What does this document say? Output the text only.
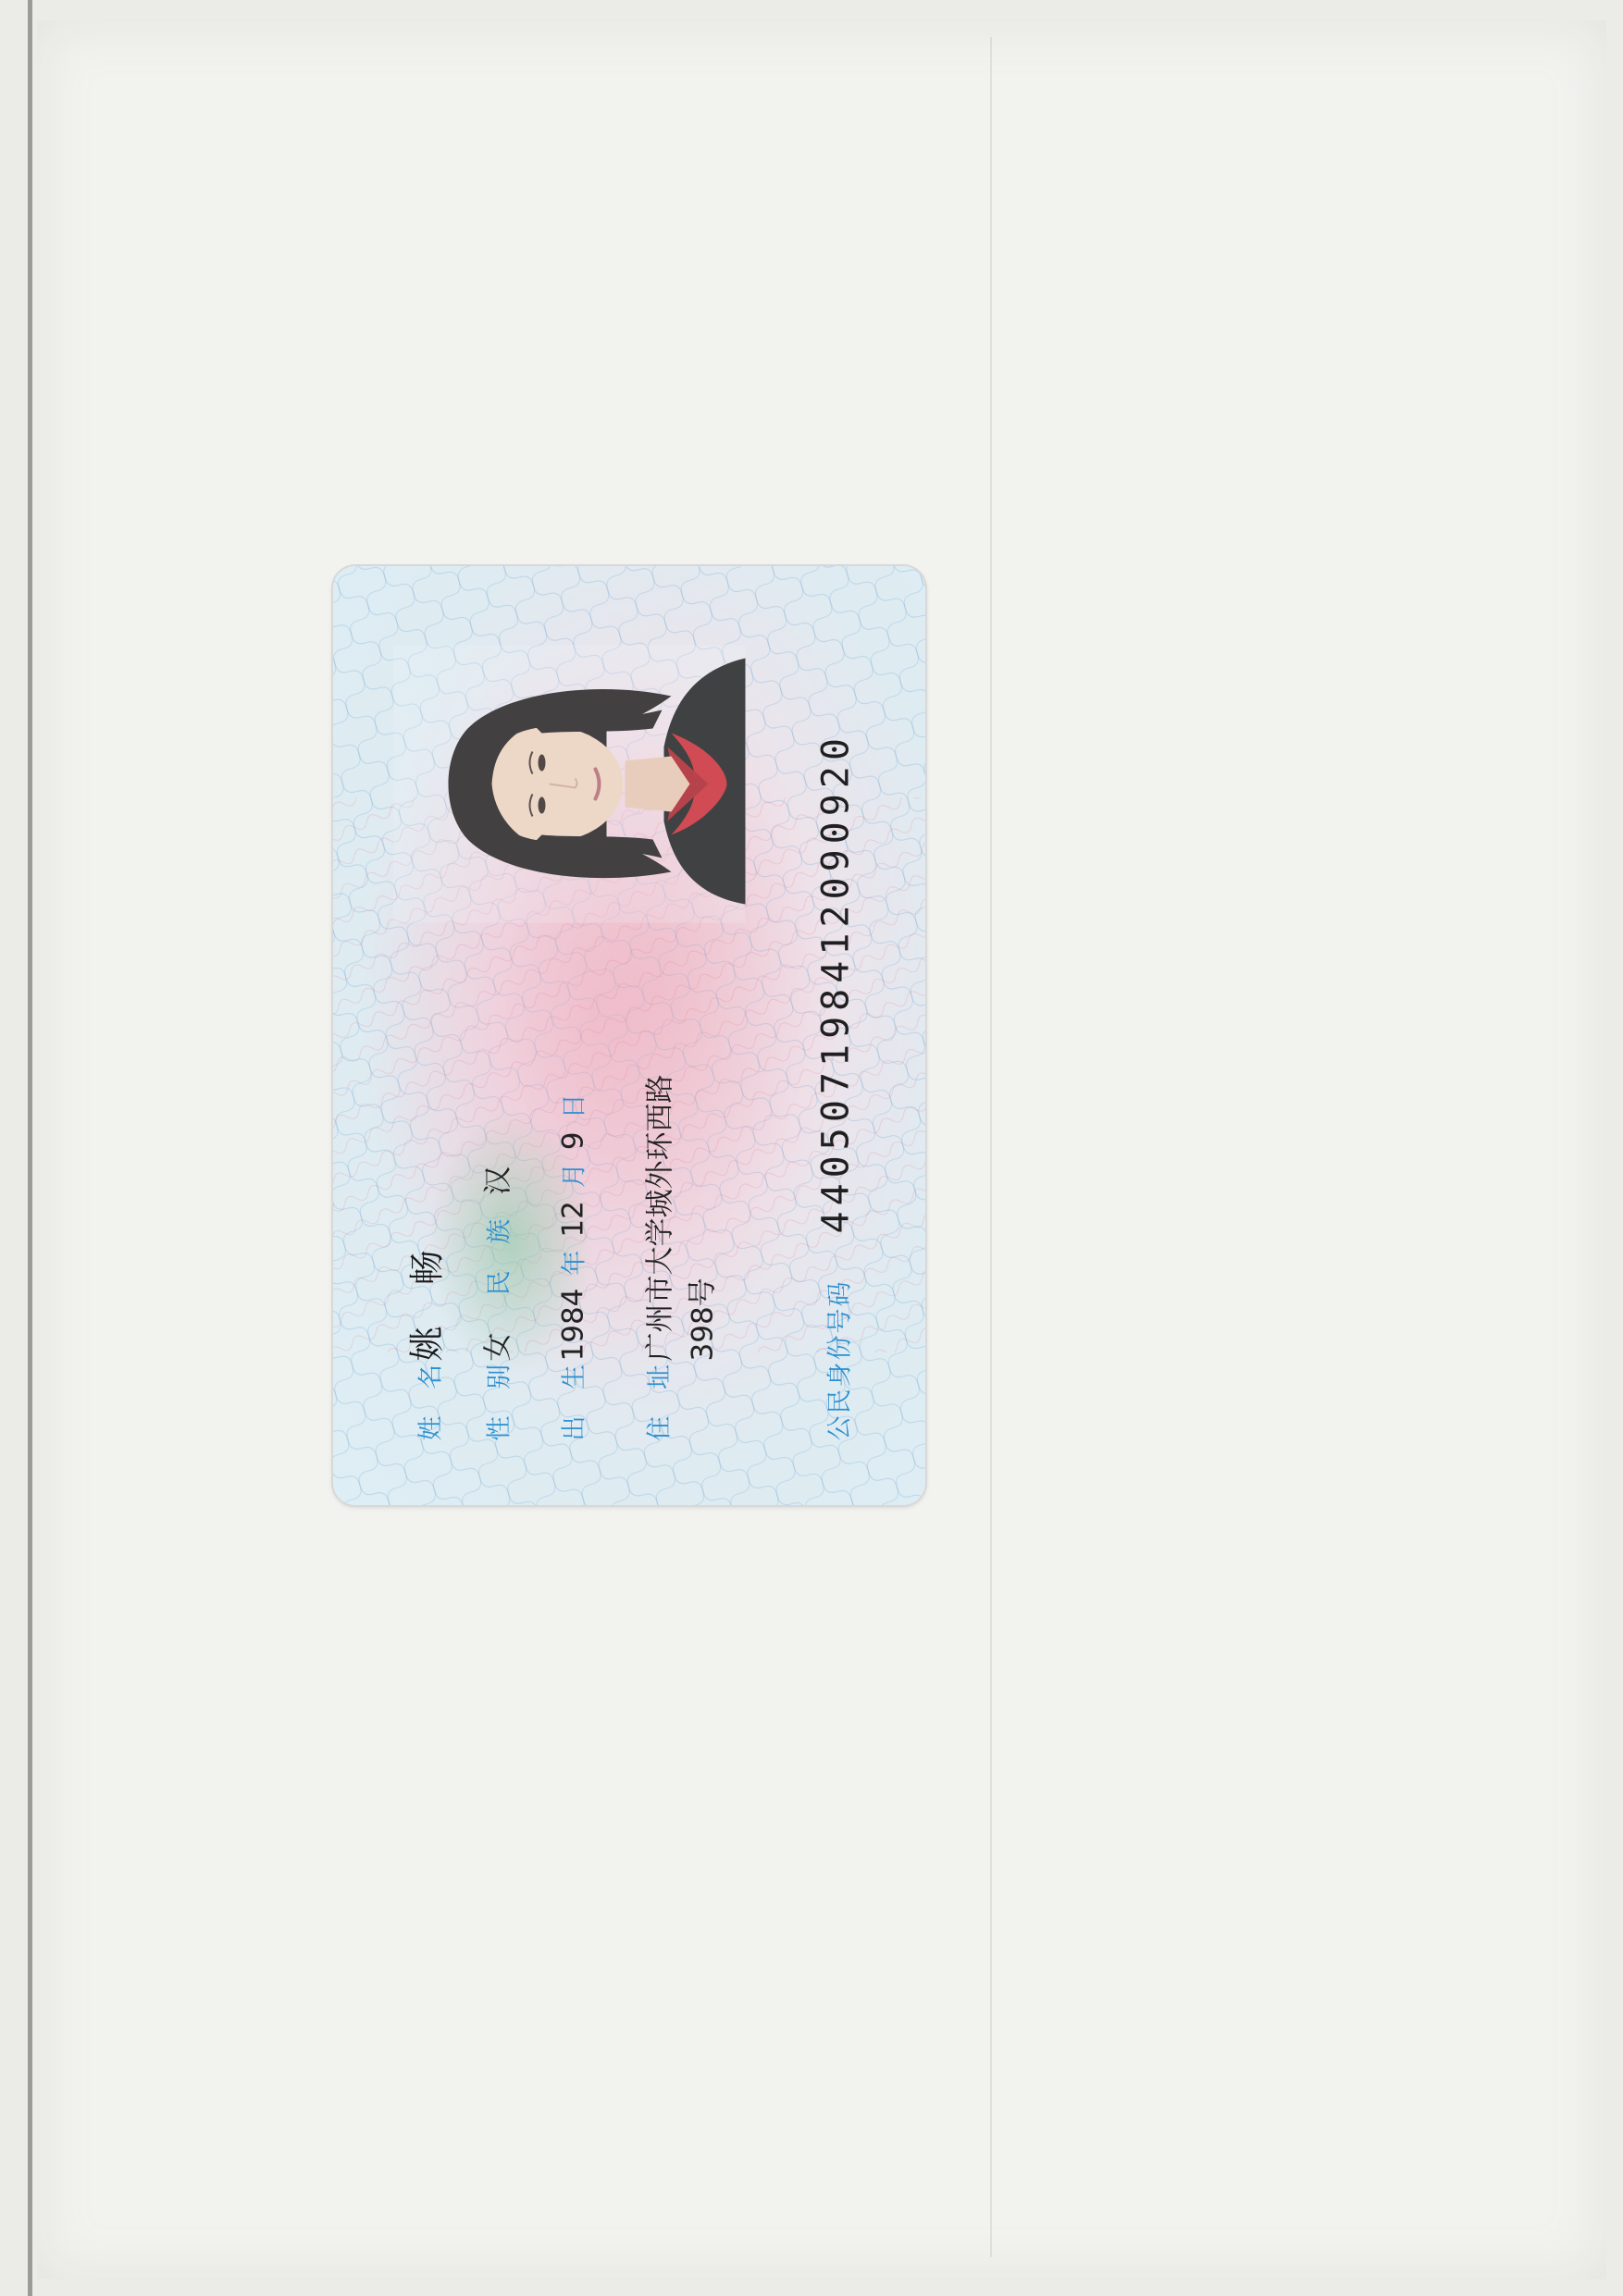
姓 名
姚 畅
性 别
女
民 族
汉
出 生
1984
年
12
月
9
日
住 址
广州市大学城外环西路 398号	公民身份号码
440507198412090920
